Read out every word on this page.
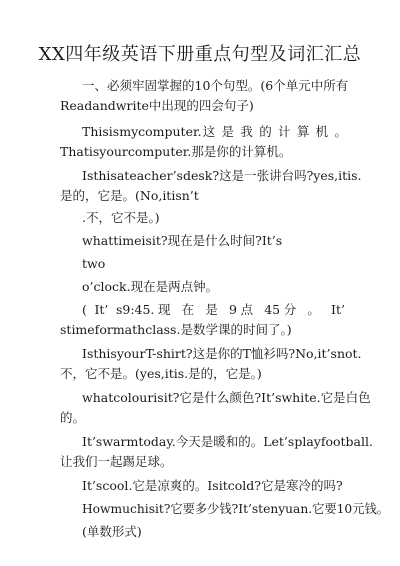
XX四年级英语下册重点句型及词汇汇总
一、必须牢固掌握的10个句型。(6个单元中所有
Readandwrite中出现的四会句子)
Thisismycomputer.这 是 我 的 计 算 机 。
Thatisyourcomputer.那是你的计算机。
Isthisateacher’sdesk?这是一张讲台吗?yes,itis.
是的，它是。(No,itisn’t
.不，它不是。)
whattimeisit?现在是什么时间?It’s
two
o’clock.现在是两点钟。
( It’ s9:45.现 在 是 9点 45分 。 It’
stimeformathclass.是数学课的时间了。)
IsthisyourT-shirt?这是你的T恤衫吗?No,it’snot.
不，它不是。(yes,itis.是的，它是。)
whatcolourisit?它是什么颜色?It’swhite.它是白色
的。
It’swarmtoday.今天是暖和的。Let’splayfootball.
让我们一起踢足球。
It’scool.它是凉爽的。Isitcold?它是寒冷的吗?
Howmuchisit?它要多少钱?It’stenyuan.它要10元钱。
(单数形式)
